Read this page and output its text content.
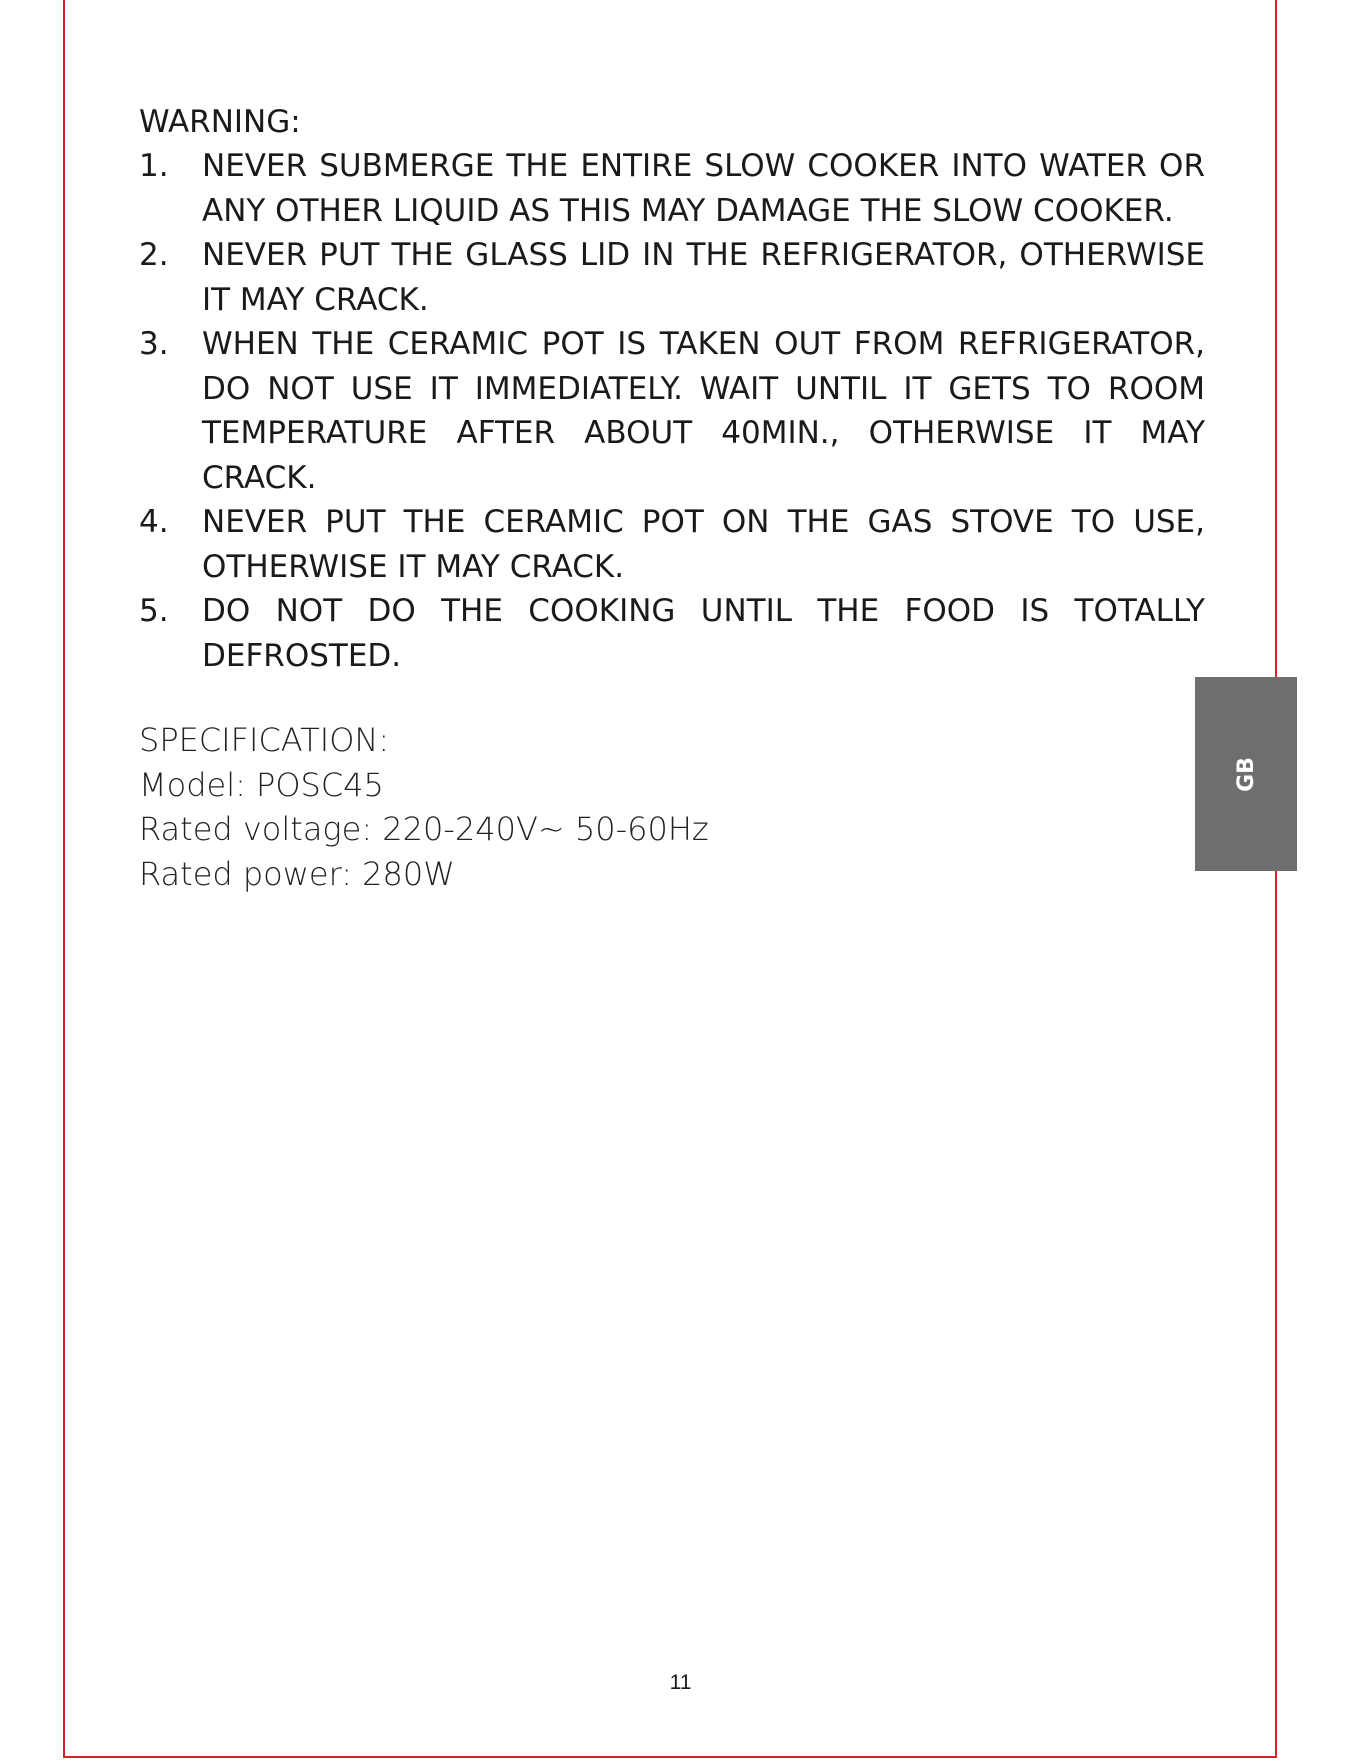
WARNING:
1. NEVER SUBMERGE THE ENTIRE SLOW COOKER INTO WATER OR ANY OTHER LIQUID AS THIS MAY DAMAGE THE SLOW COOKER.
2. NEVER PUT THE GLASS LID IN THE REFRIGERATOR, OTHERWISE IT MAY CRACK.
3. WHEN THE CERAMIC POT IS TAKEN OUT FROM REFRIGERATOR, DO NOT USE IT IMMEDIATELY. WAIT UNTIL IT GETS TO ROOM TEMPERATURE AFTER ABOUT 40MIN., OTHERWISE IT MAY CRACK.
4. NEVER PUT THE CERAMIC POT ON THE GAS STOVE TO USE, OTHERWISE IT MAY CRACK.
5. DO NOT DO THE COOKING UNTIL THE FOOD IS TOTALLY DEFROSTED.
SPECIFICATION:
Model: POSC45
Rated voltage: 220-240V~ 50-60Hz
Rated power: 280W
GB
11
